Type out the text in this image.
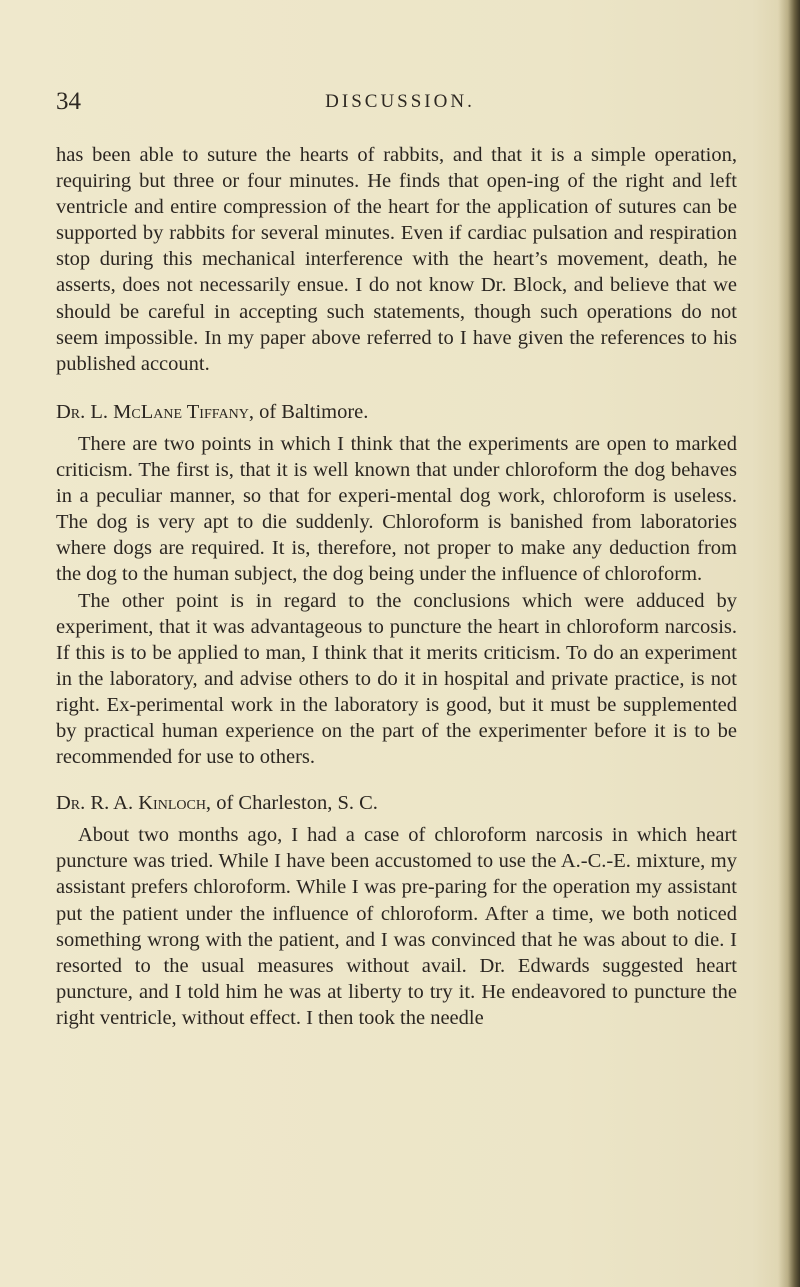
34	DISCUSSION.

has been able to suture the hearts of rabbits, and that it is a simple operation, requiring but three or four minutes. He finds that open-ing of the right and left ventricle and entire compression of the heart for the application of sutures can be supported by rabbits for several minutes. Even if cardiac pulsation and respiration stop during this mechanical interference with the heart’s movement, death, he asserts, does not necessarily ensue. I do not know Dr. Block, and believe that we should be careful in accepting such statements, though such operations do not seem impossible. In my paper above referred to I have given the references to his published account.

Dr. L. McLane Tiffany, of Baltimore.

There are two points in which I think that the experiments are open to marked criticism. The first is, that it is well known that under chloroform the dog behaves in a peculiar manner, so that for experi-mental dog work, chloroform is useless. The dog is very apt to die suddenly. Chloroform is banished from laboratories where dogs are required. It is, therefore, not proper to make any deduction from the dog to the human subject, the dog being under the influence of chloroform.

The other point is in regard to the conclusions which were adduced by experiment, that it was advantageous to puncture the heart in chloroform narcosis. If this is to be applied to man, I think that it merits criticism. To do an experiment in the laboratory, and advise others to do it in hospital and private practice, is not right. Ex-perimental work in the laboratory is good, but it must be supplemented by practical human experience on the part of the experimenter before it is to be recommended for use to others.

Dr. R. A. Kinloch, of Charleston, S. C.

About two months ago, I had a case of chloroform narcosis in which heart puncture was tried. While I have been accustomed to use the A.-C.-E. mixture, my assistant prefers chloroform. While I was pre-paring for the operation my assistant put the patient under the influence of chloroform. After a time, we both noticed something wrong with the patient, and I was convinced that he was about to die. I resorted to the usual measures without avail. Dr. Edwards suggested heart puncture, and I told him he was at liberty to try it. He endeavored to puncture the right ventricle, without effect. I then took the needle
